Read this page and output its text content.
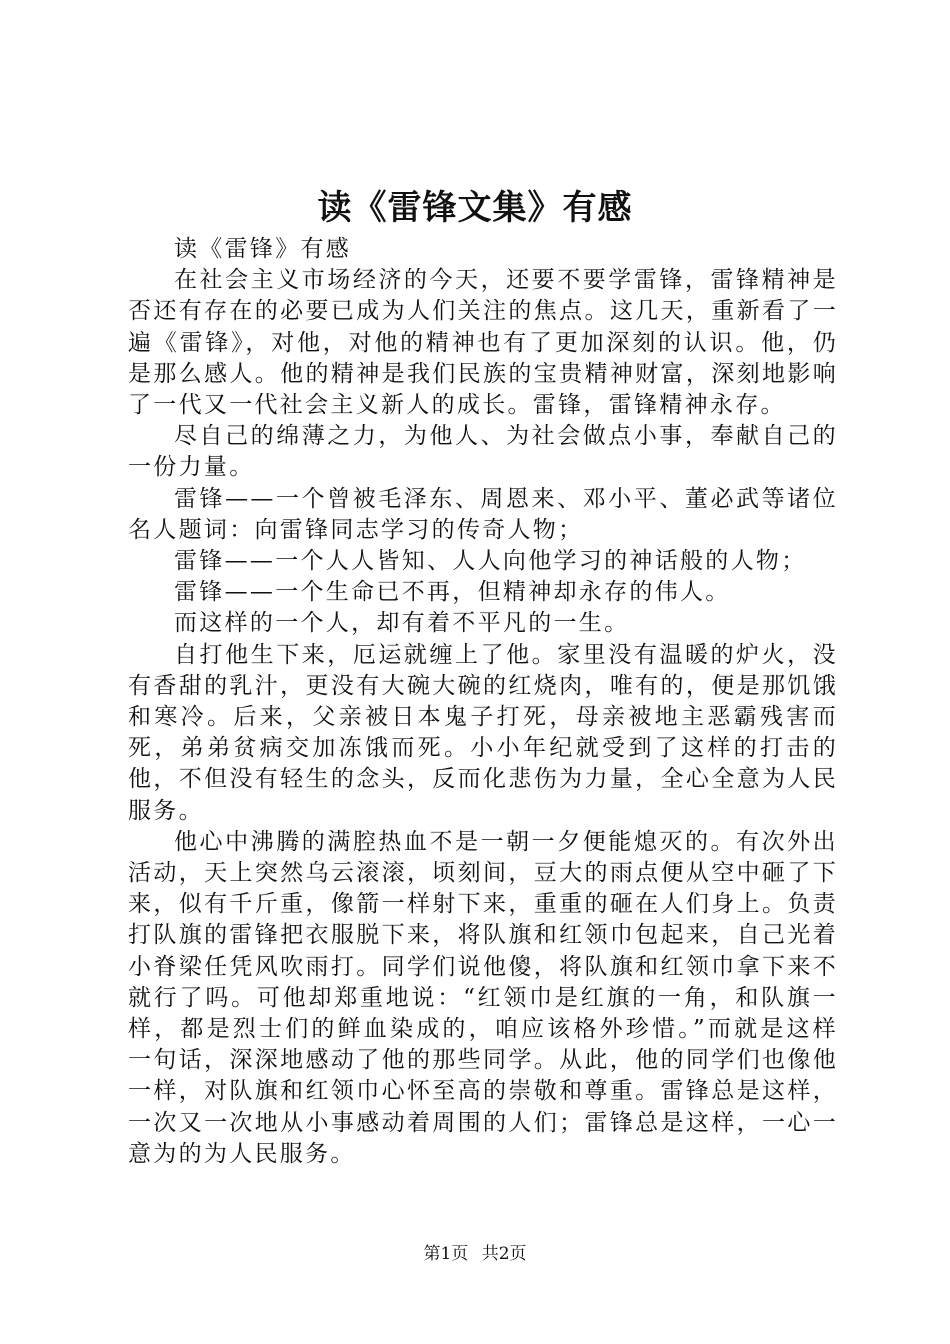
读《雷锋文集》有感

读《雷锋》有感

在社会主义市场经济的今天，还要不要学雷锋，雷锋精神是否还有存在的必要已成为人们关注的焦点。这几天，重新看了一遍《雷锋》，对他，对他的精神也有了更加深刻的认识。他，仍是那么感人。他的精神是我们民族的宝贵精神财富，深刻地影响了一代又一代社会主义新人的成长。雷锋，雷锋精神永存。

尽自己的绵薄之力，为他人、为社会做点小事，奉献自己的一份力量。

雷锋——一个曾被毛泽东、周恩来、邓小平、董必武等诸位名人题词：向雷锋同志学习的传奇人物；

雷锋——一个人人皆知、人人向他学习的神话般的人物；

雷锋——一个生命已不再，但精神却永存的伟人。

而这样的一个人，却有着不平凡的一生。

自打他生下来，厄运就缠上了他。家里没有温暖的炉火，没有香甜的乳汁，更没有大碗大碗的红烧肉，唯有的，便是那饥饿和寒冷。后来，父亲被日本鬼子打死，母亲被地主恶霸残害而死，弟弟贫病交加冻饿而死。小小年纪就受到了这样的打击的他，不但没有轻生的念头，反而化悲伤为力量，全心全意为人民服务。

他心中沸腾的满腔热血不是一朝一夕便能熄灭的。有次外出活动，天上突然乌云滚滚，顷刻间，豆大的雨点便从空中砸了下来，似有千斤重，像箭一样射下来，重重的砸在人们身上。负责打队旗的雷锋把衣服脱下来，将队旗和红领巾包起来，自己光着小脊梁任凭风吹雨打。同学们说他傻，将队旗和红领巾拿下来不就行了吗。可他却郑重地说：“红领巾是红旗的一角，和队旗一样，都是烈士们的鲜血染成的，咱应该格外珍惜。”而就是这样一句话，深深地感动了他的那些同学。从此，他的同学们也像他一样，对队旗和红领巾心怀至高的崇敬和尊重。雷锋总是这样，一次又一次地从小事感动着周围的人们；雷锋总是这样，一心一意为的为人民服务。

第1页 共2页
